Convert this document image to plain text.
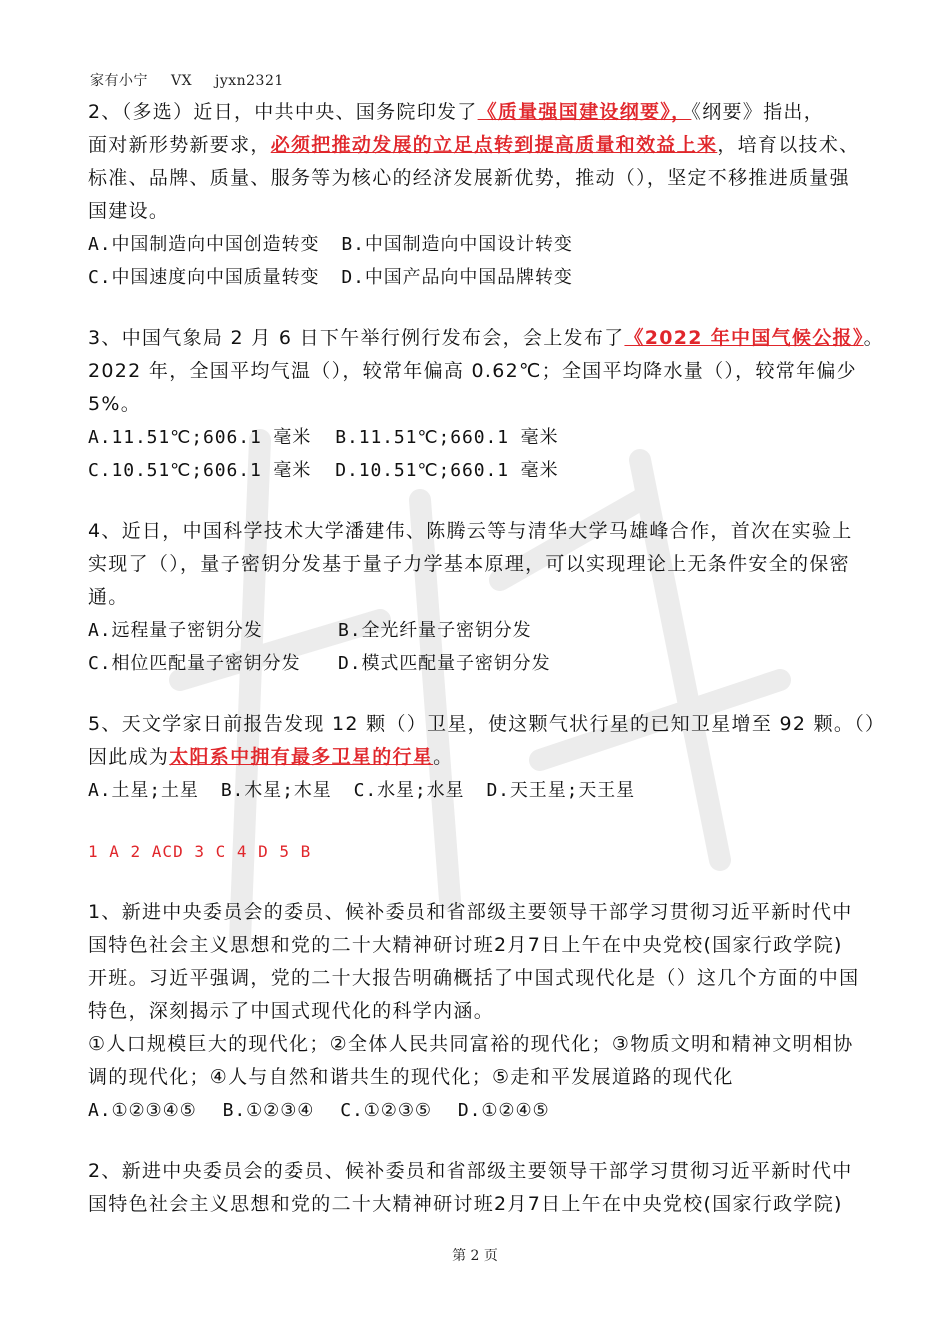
家有小宁 VX jyxn2321
2、（多选）近日，中共中央、国务院印发了《质量强国建设纲要》，《纲要》指出，
面对新形势新要求，必须把推动发展的立足点转到提高质量和效益上来，培育以技术、
标准、品牌、质量、服务等为核心的经济发展新优势，推动（），坚定不移推进质量强
国建设。
A.中国制造向中国创造转变 B.中国制造向中国设计转变
C.中国速度向中国质量转变 D.中国产品向中国品牌转变
3、中国气象局 2 月 6 日下午举行例行发布会，会上发布了《2022 年中国气候公报》。
2022 年，全国平均气温（），较常年偏高 0.62℃；全国平均降水量（），较常年偏少
5%。
A.11.51℃;606.1 毫米 B.11.51℃;660.1 毫米
C.10.51℃;606.1 毫米 D.10.51℃;660.1 毫米
4、近日，中国科学技术大学潘建伟、陈腾云等与清华大学马雄峰合作，首次在实验上
实现了（），量子密钥分发基于量子力学基本原理，可以实现理论上无条件安全的保密
通。
A.远程量子密钥分发	B.全光纤量子密钥分发
C.相位匹配量子密钥分发 D.模式匹配量子密钥分发
5、天文学家日前报告发现 12 颗（）卫星，使这颗气状行星的已知卫星增至 92 颗。（）
因此成为太阳系中拥有最多卫星的行星。
A.土星;土星 B.木星;木星 C.水星;水星 D.天王星;天王星
1 A 2 ACD 3 C 4 D 5 B
1、新进中央委员会的委员、候补委员和省部级主要领导干部学习贯彻习近平新时代中
国特色社会主义思想和党的二十大精神研讨班2月7日上午在中央党校(国家行政学院)
开班。习近平强调，党的二十大报告明确概括了中国式现代化是（）这几个方面的中国
特色，深刻揭示了中国式现代化的科学内涵。
①人口规模巨大的现代化；②全体人民共同富裕的现代化；③物质文明和精神文明相协
调的现代化；④人与自然和谐共生的现代化；⑤走和平发展道路的现代化
A.①②③④⑤ B.①②③④ C.①②③⑤ D.①②④⑤
2、新进中央委员会的委员、候补委员和省部级主要领导干部学习贯彻习近平新时代中
国特色社会主义思想和党的二十大精神研讨班2月7日上午在中央党校(国家行政学院)
第 2 页
